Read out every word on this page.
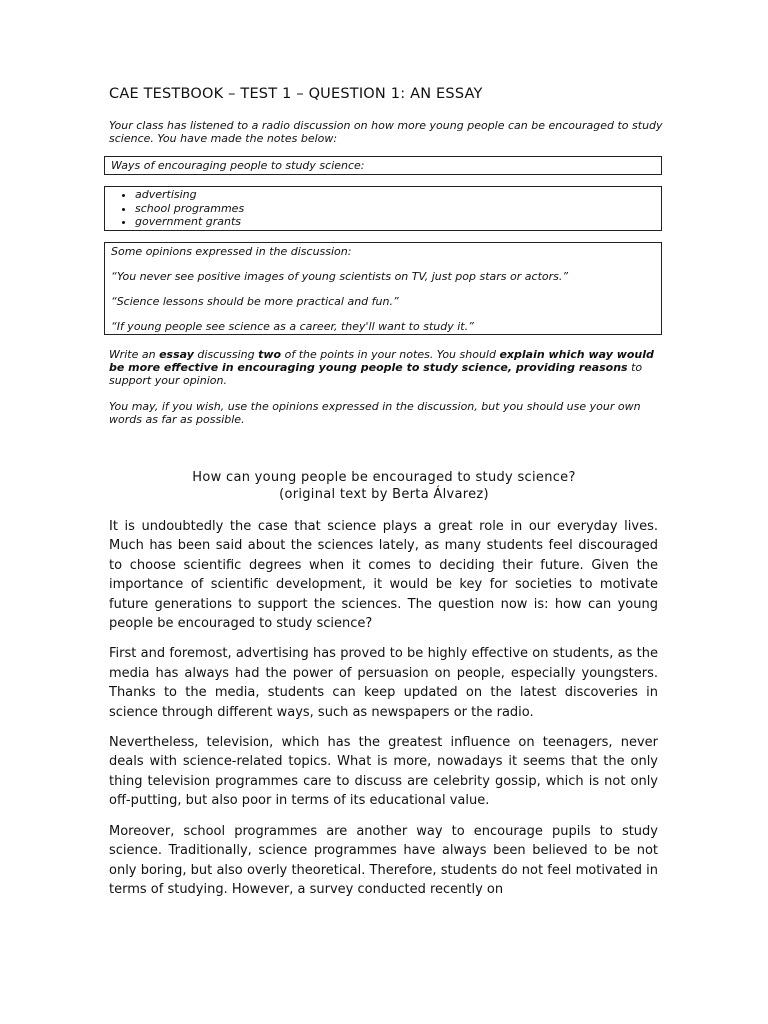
CAE TESTBOOK – TEST 1 – QUESTION 1: AN ESSAY
Your class has listened to a radio discussion on how more young people can be encouraged to study science. You have made the notes below:
Ways of encouraging people to study science:
• advertising
• school programmes
• government grants

Some opinions expressed in the discussion:

“You never see positive images of young scientists on TV, just pop stars or actors.”

“Science lessons should be more practical and fun.”

“If young people see science as a career, they'll want to study it.”

Write an essay discussing two of the points in your notes. You should explain which way would be more effective in encouraging young people to study science, providing reasons to support your opinion.
You may, if you wish, use the opinions expressed in the discussion, but you should use your own words as far as possible.
How can young people be encouraged to study science?
(original text by Berta Álvarez)

It is undoubtedly the case that science plays a great role in our everyday lives. Much has been said about the sciences lately, as many students feel discouraged to choose scientific degrees when it comes to deciding their future. Given the importance of scientific development, it would be key for societies to motivate future generations to support the sciences. The question now is: how can young people be encouraged to study science?

First and foremost, advertising has proved to be highly effective on students, as the media has always had the power of persuasion on people, especially youngsters. Thanks to the media, students can keep updated on the latest discoveries in science through different ways, such as newspapers or the radio.

Nevertheless, television, which has the greatest influence on teenagers, never deals with science-related topics. What is more, nowadays it seems that the only thing television programmes care to discuss are celebrity gossip, which is not only off-putting, but also poor in terms of its educational value.

Moreover, school programmes are another way to encourage pupils to study science. Traditionally, science programmes have always been believed to be not only boring, but also overly theoretical. Therefore, students do not feel motivated in terms of studying. However, a survey conducted recently on
